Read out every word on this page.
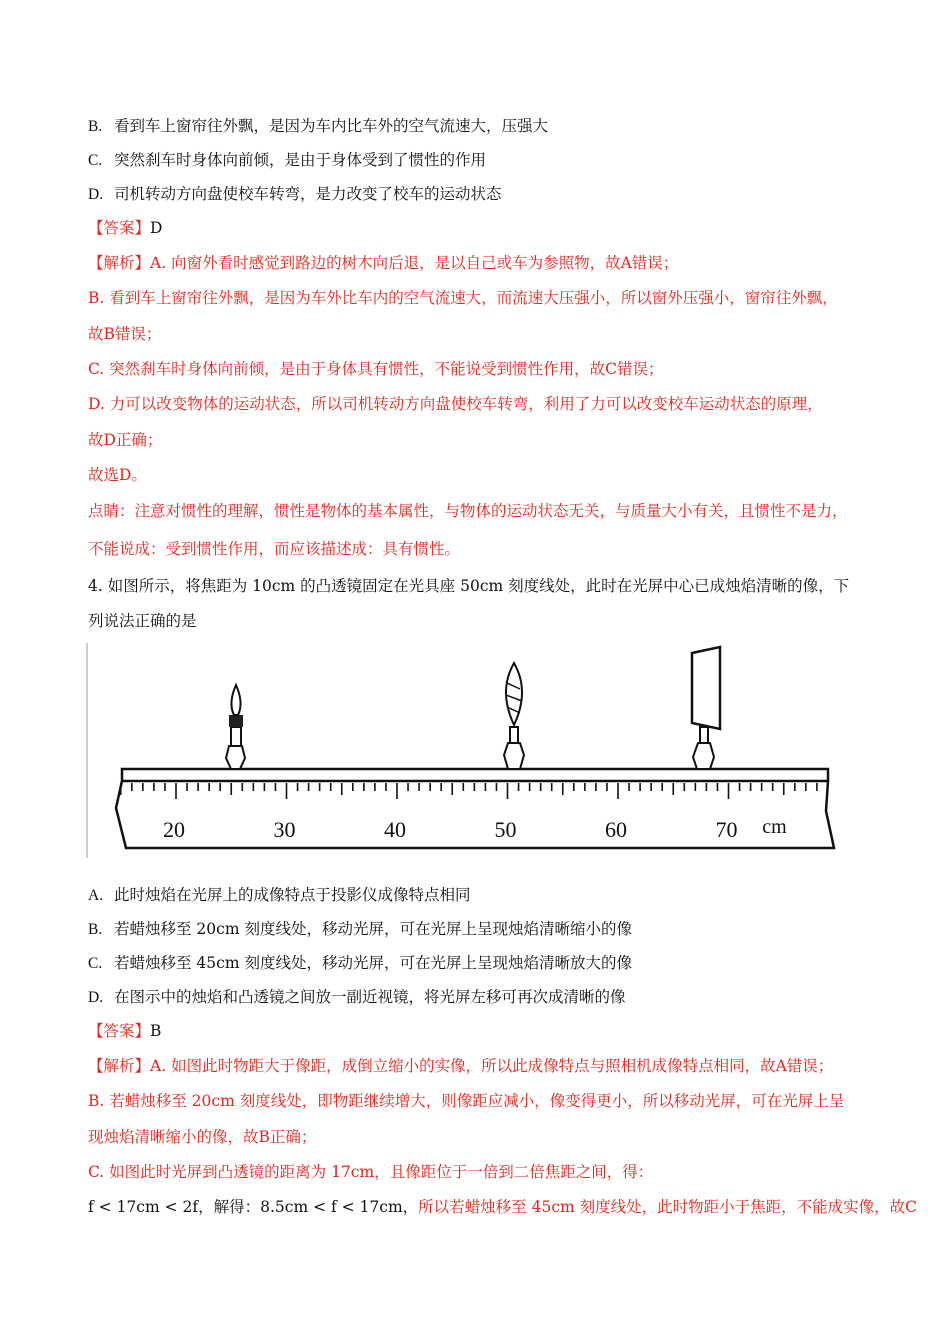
B. 看到车上窗帘往外飘，是因为车内比车外的空气流速大，压强大
C. 突然刹车时身体向前倾，是由于身体受到了惯性的作用
D. 司机转动方向盘使校车转弯，是力改变了校车的运动状态
【答案】D
【解析】A. 向窗外看时感觉到路边的树木向后退，是以自己或车为参照物，故A错误；
B. 看到车上窗帘往外飘，是因为车外比车内的空气流速大，而流速大压强小，所以窗外压强小，窗帘往外飘，
故B错误；
C. 突然刹车时身体向前倾，是由于身体具有惯性，不能说受到惯性作用，故C错误；
D. 力可以改变物体的运动状态，所以司机转动方向盘使校车转弯，利用了力可以改变校车运动状态的原理，
故D正确；
故选D。
点睛：注意对惯性的理解，惯性是物体的基本属性，与物体的运动状态无关，与质量大小有关，且惯性不是力，
不能说成：受到惯性作用，而应该描述成：具有惯性。
4. 如图所示，将焦距为 10cm 的凸透镜固定在光具座 50cm 刻度线处，此时在光屏中心已成烛焰清晰的像，下
列说法正确的是
20	30	40	50	60	70 cm
A. 此时烛焰在光屏上的成像特点于投影仪成像特点相同
B. 若蜡烛移至 20cm 刻度线处，移动光屏，可在光屏上呈现烛焰清晰缩小的像
C. 若蜡烛移至 45cm 刻度线处，移动光屏，可在光屏上呈现烛焰清晰放大的像
D. 在图示中的烛焰和凸透镜之间放一副近视镜，将光屏左移可再次成清晰的像
【答案】B
【解析】A. 如图此时物距大于像距，成倒立缩小的实像，所以此成像特点与照相机成像特点相同，故A错误；
B. 若蜡烛移至 20cm 刻度线处，即物距继续增大，则像距应减小，像变得更小，所以移动光屏，可在光屏上呈
现烛焰清晰缩小的像，故B正确；
C. 如图此时光屏到凸透镜的距离为 17cm，且像距位于一倍到二倍焦距之间，得：
f < 17cm < 2f，解得：8.5cm < f < 17cm，所以若蜡烛移至 45cm 刻度线处，此时物距小于焦距，不能成实像，故C
